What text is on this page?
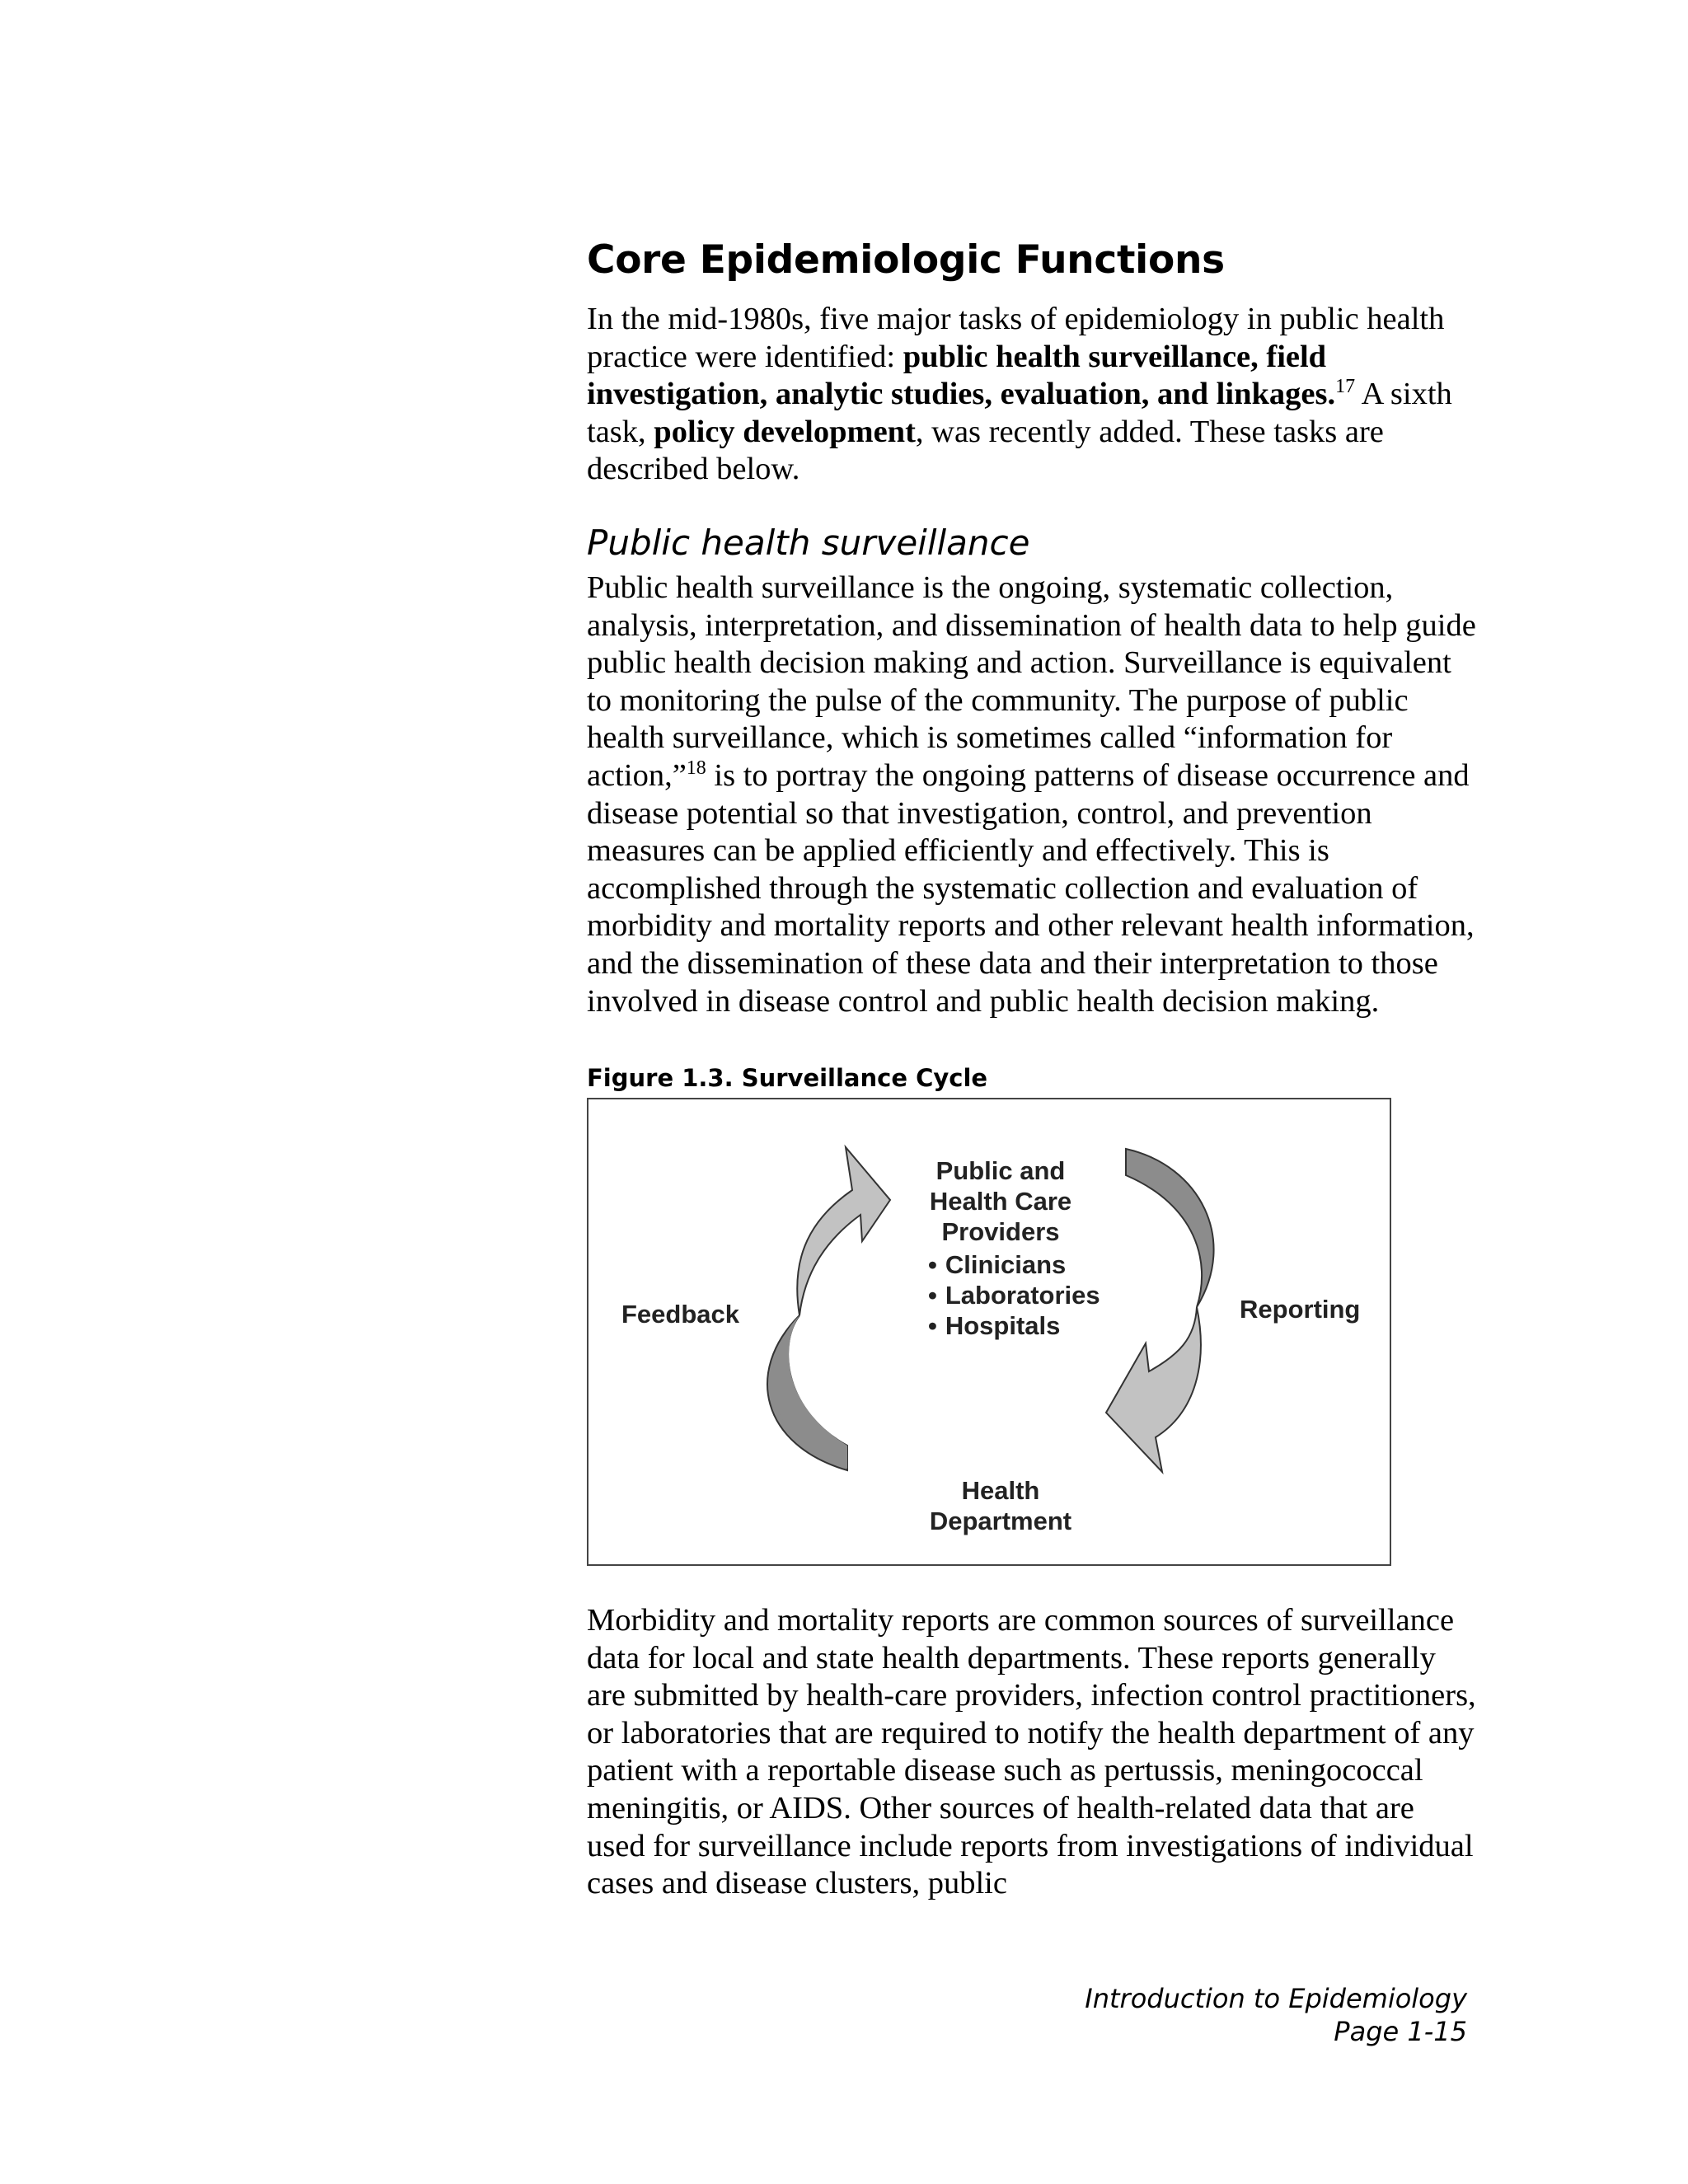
Core Epidemiologic Functions

In the mid-1980s, five major tasks of epidemiology in public health practice were identified: public health surveillance, field investigation, analytic studies, evaluation, and linkages.$^{17}$ A sixth task, policy development, was recently added. These tasks are described below.

Public health surveillance

Public health surveillance is the ongoing, systematic collection, analysis, interpretation, and dissemination of health data to help guide public health decision making and action. Surveillance is equivalent to monitoring the pulse of the community. The purpose of public health surveillance, which is sometimes called “information for action,”$^{18}$ is to portray the ongoing patterns of disease occurrence and disease potential so that investigation, control, and prevention measures can be applied efficiently and effectively. This is accomplished through the systematic collection and evaluation of morbidity and mortality reports and other relevant health information, and the dissemination of these data and their interpretation to those involved in disease control and public health decision making.

Figure 1.3. Surveillance Cycle
Public and
Health Care
Providers
• Clinicians
• Laboratories
• Hospitals
Feedback	Reporting
Health
Department

Morbidity and mortality reports are common sources of surveillance data for local and state health departments. These reports generally are submitted by health-care providers, infection control practitioners, or laboratories that are required to notify the health department of any patient with a reportable disease such as pertussis, meningococcal meningitis, or AIDS. Other sources of health-related data that are used for surveillance include reports from investigations of individual cases and disease clusters, public

Introduction to Epidemiology
Page 1-15
